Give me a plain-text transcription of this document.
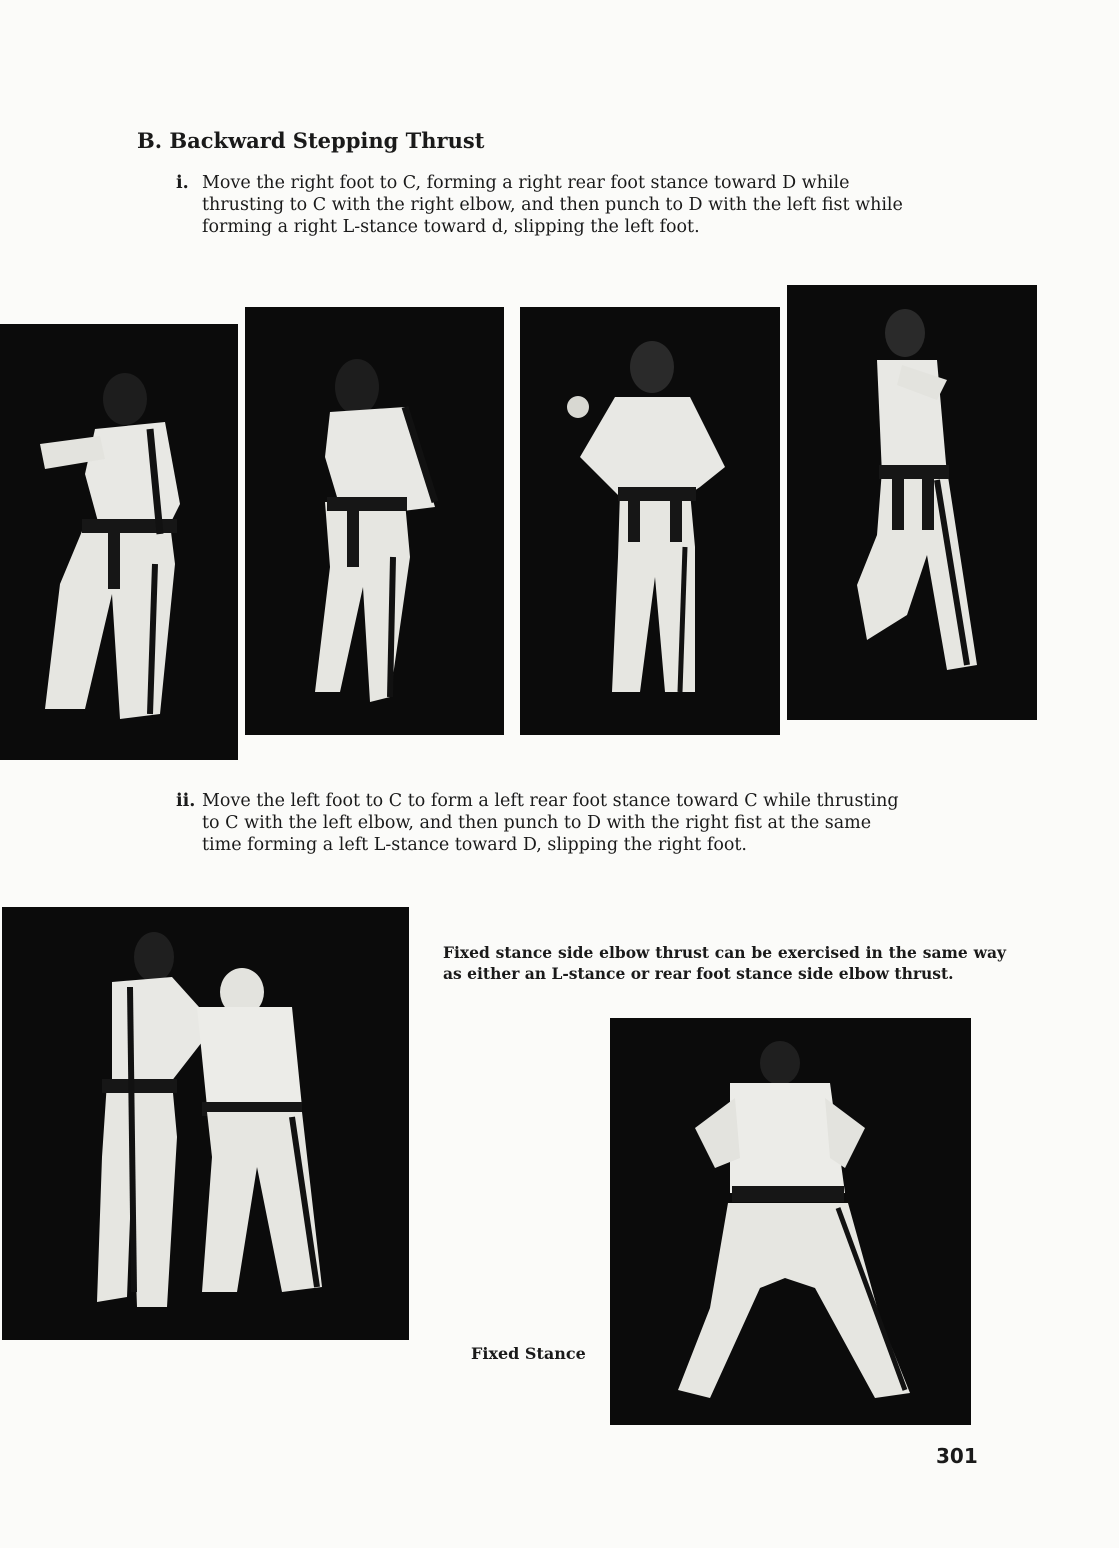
B. Backward Stepping Thrust
i. Move the right foot to C, forming a right rear foot stance toward D while thrusting to C with the right elbow, and then punch to D with the left fist while forming a right L-stance toward d, slipping the left foot.
ii. Move the left foot to C to form a left rear foot stance toward C while thrusting to C with the left elbow, and then punch to D with the right fist at the same time forming a left L-stance toward D, slipping the right foot.

Fixed stance side elbow thrust can be exercised in the same way as either an L-stance or rear foot stance side elbow thrust.

Fixed Stance
301
